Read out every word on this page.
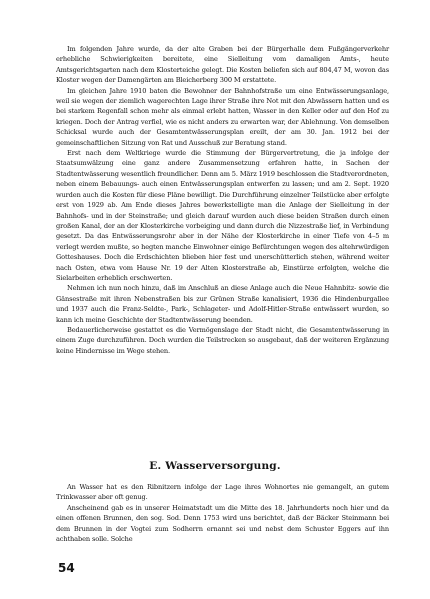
Im folgenden Jahre wurde, da der alte Graben bei der Bürgerhalle dem Fußgängerverkehr erhebliche Schwierigkeiten bereitete, eine Sielleitung vom damaligen Amts-, heute Amtsgerichtsgarten nach dem Klosterteiche gelegt. Die Kosten beliefen sich auf 804,47 M, wovon das Kloster wegen der Damengärten am Bleicherberg 300 M erstattete.

Im gleichen Jahre 1910 baten die Bewohner der Bahnhofstraße um eine Entwässerungsanlage, weil sie wegen der ziemlich wagerechten Lage ihrer Straße ihre Not mit den Abwässern hatten und es bei starkem Regenfall schon mehr als einmal erlebt hatten, Wasser in den Keller oder auf den Hof zu kriegen. Doch der Antrag verfiel, wie es nicht anders zu erwarten war, der Ablehnung. Von demselben Schicksal wurde auch der Gesamtentwässerungsplan ereilt, der am 30. Jan. 1912 bei der gemeinschaftlichen Sitzung von Rat und Ausschuß zur Beratung stand.

Erst nach dem Weltkriege wurde die Stimmung der Bürgervertretung, die ja infolge der Staatsumwälzung eine ganz andere Zusammensetzung erfahren hatte, in Sachen der Stadtentwässerung wesentlich freundlicher. Denn am 5. März 1919 beschlossen die Stadtverordneten, neben einem Bebauungs- auch einen Entwässerungsplan entwerfen zu lassen; und am 2. Sept. 1920 wurden auch die Kosten für diese Pläne bewilligt. Die Durchführung einzelner Teilstücke aber erfolgte erst von 1929 ab. Am Ende dieses Jahres bewerkstelligte man die Anlage der Sielleitung in der Bahnhofs- und in der Steinstraße; und gleich darauf wurden auch diese beiden Straßen durch einen großen Kanal, der an der Klosterkirche vorbeiging und dann durch die Nizzestraße lief, in Verbindung gesetzt. Da das Entwässerungsrohr aber in der Nähe der Klosterkirche in einer Tiefe von 4–5 m verlegt werden mußte, so hegten manche Einwohner einige Befürchtungen wegen des altehrwürdigen Gotteshauses. Doch die Erdschichten blieben hier fest und unerschütterlich stehen, während weiter nach Osten, etwa vom Hause Nr. 19 der Alten Klosterstraße ab, Einstürze erfolgten, welche die Sielarbeiten erheblich erschwerten.

Nehmen ich nun noch hinzu, daß im Anschluß an diese Anlage auch die Neue Hahnbitz- sowie die Gänsestraße mit ihren Nebenstraßen bis zur Grünen Straße kanalisiert, 1936 die Hindenburgallee und 1937 auch die Franz-Seldte-, Park-, Schlageter- und Adolf-Hitler-Straße entwässert wurden, so kann ich meine Geschichte der Stadtentwässerung beenden.

Bedauerlicherweise gestattet es die Vermögenslage der Stadt nicht, die Gesamtentwässerung in einem Zuge durchzuführen. Doch wurden die Teilstrecken so ausgebaut, daß der weiteren Ergänzung keine Hindernisse im Wege stehen.

E. Wasserversorgung.

An Wasser hat es den Ribnitzern infolge der Lage ihres Wohnortes nie gemangelt, an gutem Trinkwasser aber oft genug.

Anscheinend gab es in unserer Heimatstadt um die Mitte des 18. Jahrhunderts noch hier und da einen offenen Brunnen, den sog. Sod. Denn 1753 wird uns berichtet, daß der Bäcker Steinmann bei dem Brunnen in der Vogtei zum Sodherrn ernannt sei und nebst dem Schuster Eggers auf ihn achthaben solle. Solche

54
